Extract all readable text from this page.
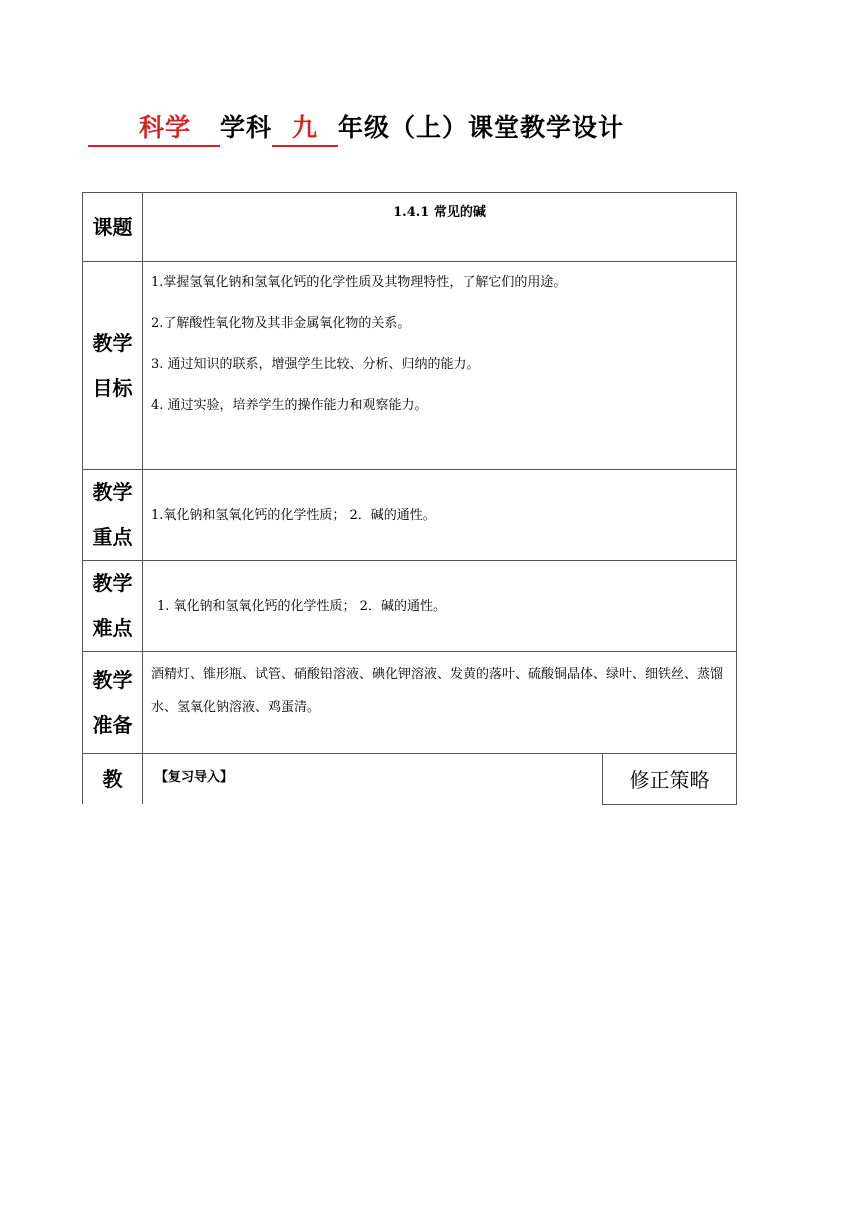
科学 学科 九 年级（上）课堂教学设计
课题	1.4.1 常见的碱	

教学
目标	1.掌握氢氧化钠和氢氧化钙的化学性质及其物理特性，了解它们的用途。
2.了解酸性氧化物及其非金属氧化物的关系。
3. 通过知识的联系，增强学生比较、分析、归纳的能力。
4. 通过实验，培养学生的操作能力和观察能力。	

教学
重点	1.氧化钠和氢氧化钙的化学性质； 2．碱的通性。	

教学
难点	1. 氧化钠和氢氧化钙的化学性质； 2．碱的通性。	

教学
准备	酒精灯、锥形瓶、试管、硝酸铅溶液、碘化钾溶液、发黄的落叶、硫酸铜晶体、绿叶、细铁丝、蒸馏水、氢氧化钠溶液、鸡蛋清。	

教	【复习导入】	修正策略
